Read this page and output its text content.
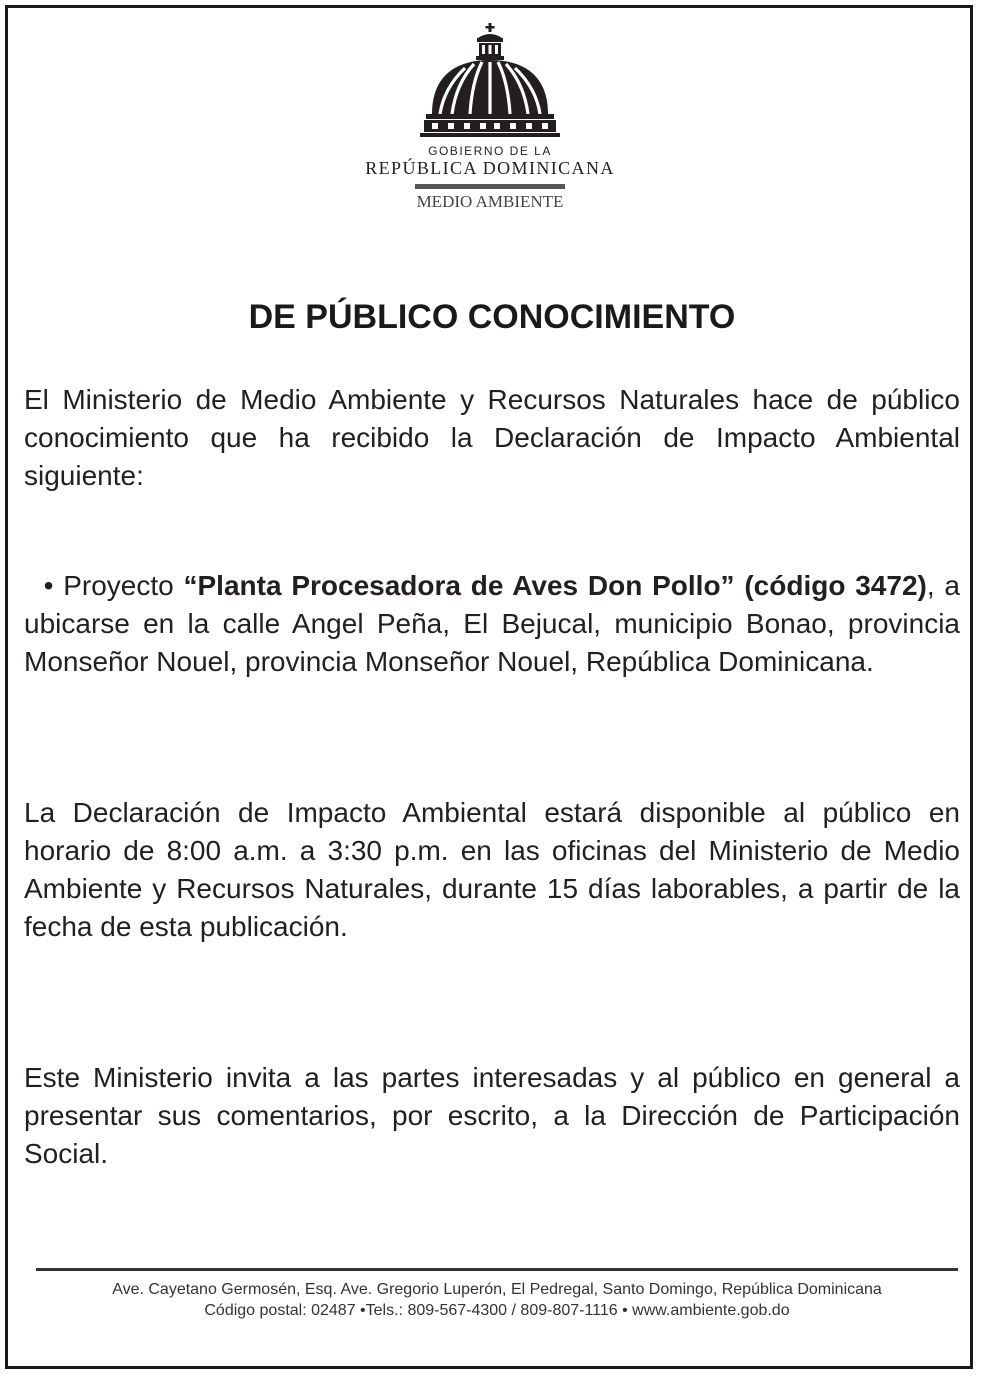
GOBIERNO DE LA
REPÚBLICA DOMINICANA
MEDIO AMBIENTE
DE PÚBLICO CONOCIMIENTO
El Ministerio de Medio Ambiente y Recursos Naturales hace de público conocimiento que ha recibido la Declaración de Impacto Ambiental siguiente:
• Proyecto “Planta Procesadora de Aves Don Pollo” (código 3472), a ubicarse en la calle Angel Peña, El Bejucal, municipio Bonao, provincia Monseñor Nouel, provincia Monseñor Nouel, República Dominicana.
La Declaración de Impacto Ambiental estará disponible al público en horario de 8:00 a.m. a 3:30 p.m. en las oficinas del Ministerio de Medio Ambiente y Recursos Naturales, durante 15 días laborables, a partir de la fecha de esta publicación.
Este Ministerio invita a las partes interesadas y al público en general a presentar sus comentarios, por escrito, a la Dirección de Participación Social.
Ave. Cayetano Germosén, Esq. Ave. Gregorio Luperón, El Pedregal, Santo Domingo, República Dominicana
Código postal: 02487 •Tels.: 809-567-4300 / 809-807-1116 • www.ambiente.gob.do
